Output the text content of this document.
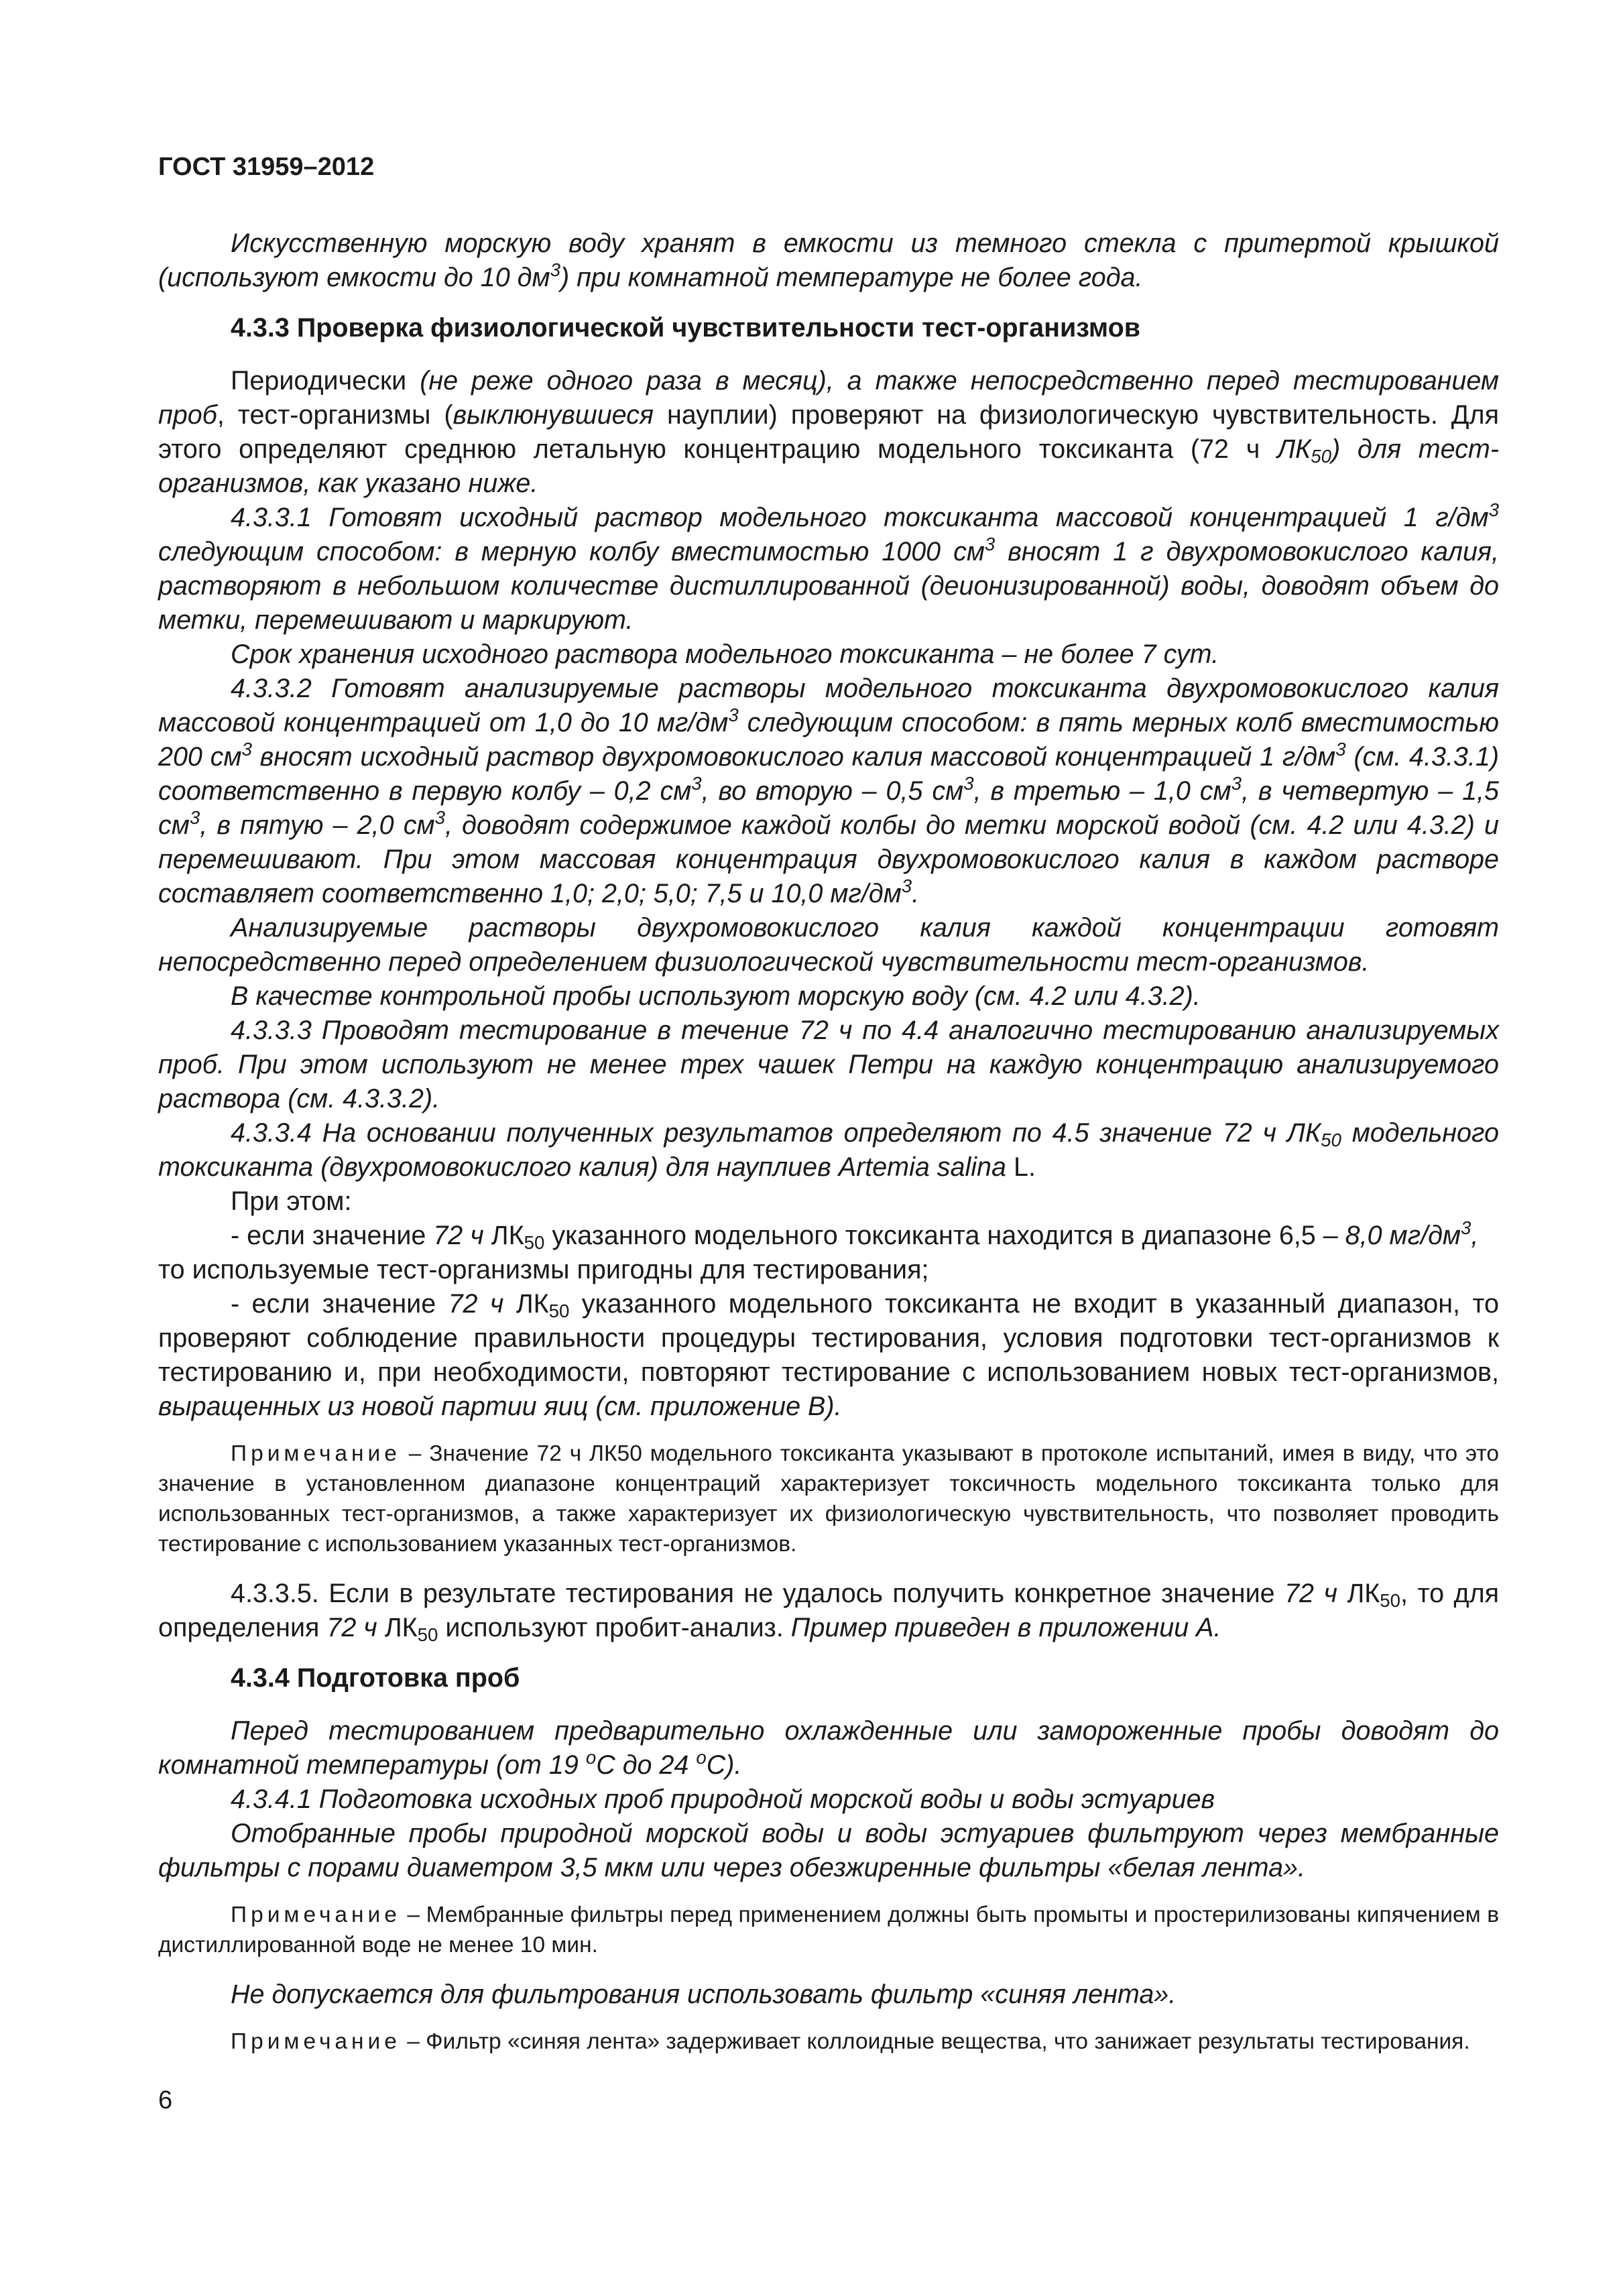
ГОСТ 31959–2012

Искусственную морскую воду хранят в емкости из темного стекла с притертой крышкой (используют емкости до 10 $дм^3$) при комнатной температуре не более года.

4.3.3 Проверка физиологической чувствительности тест-организмов

Периодически (не реже одного раза в месяц), а также непосредственно перед тестированием проб, тест-организмы (выклюнувшиеся науплии) проверяют на физиологическую чувствительность. Для этого определяют среднюю летальную концентрацию модельного токсиканта (72 ч $ЛК_{50}$) для тест-организмов, как указано ниже.

4.3.3.1 Готовят исходный раствор модельного токсиканта массовой концентрацией 1 $г/дм^3$ следующим способом: в мерную колбу вместимостью 1000 $см^3$ вносят 1 г двухромовокислого калия, растворяют в небольшом количестве дистиллированной (деионизированной) воды, доводят объем до метки, перемешивают и маркируют.

Срок хранения исходного раствора модельного токсиканта – не более 7 сут.

4.3.3.2 Готовят анализируемые растворы модельного токсиканта двухромовокислого калия массовой концентрацией от 1,0 до 10 $мг/дм^3$ следующим способом: в пять мерных колб вместимостью 200 $см^3$ вносят исходный раствор двухромовокислого калия массовой концентрацией 1 $г/дм^3$ (см. 4.3.3.1) соответственно в первую колбу – 0,2 $см^3$, во вторую – 0,5 $см^3$, в третью – 1,0 $см^3$, в четвертую – 1,5 $см^3$, в пятую – 2,0 $см^3$, доводят содержимое каждой колбы до метки морской водой (см. 4.2 или 4.3.2) и перемешивают. При этом массовая концентрация двухромовокислого калия в каждом растворе составляет соответственно 1,0; 2,0; 5,0; 7,5 и 10,0 $мг/дм^3$.

Анализируемые растворы двухромовокислого калия каждой концентрации готовят непосредственно перед определением физиологической чувствительности тест-организмов.

В качестве контрольной пробы используют морскую воду (см. 4.2 или 4.3.2).

4.3.3.3 Проводят тестирование в течение 72 ч по 4.4 аналогично тестированию анализируемых проб. При этом используют не менее трех чашек Петри на каждую концентрацию анализируемого раствора (см. 4.3.3.2).

4.3.3.4 На основании полученных результатов определяют по 4.5 значение 72 ч $ЛК_{50}$ модельного токсиканта (двухромовокислого калия) для науплиев Artemia salina L.

При этом:

- если значение 72 ч $ЛК_{50}$ указанного модельного токсиканта находится в диапазоне 6,5 – 8,0 $мг/дм^3$,
то используемые тест-организмы пригодны для тестирования;

- если значение 72 ч $ЛК_{50}$ указанного модельного токсиканта не входит в указанный диапазон, то проверяют соблюдение правильности процедуры тестирования, условия подготовки тест-организмов к тестированию и, при необходимости, повторяют тестирование с использованием новых тест-организмов, выращенных из новой партии яиц (см. приложение В).

Примечание – Значение 72 ч ЛК50 модельного токсиканта указывают в протоколе испытаний, имея в виду, что это значение в установленном диапазоне концентраций характеризует токсичность модельного токсиканта только для использованных тест-организмов, а также характеризует их физиологическую чувствительность, что позволяет проводить тестирование с использованием указанных тест-организмов.

4.3.3.5. Если в результате тестирования не удалось получить конкретное значение 72 ч $ЛК_{50}$, то для определения 72 ч $ЛК_{50}$ используют пробит-анализ. Пример приведен в приложении А.

4.3.4 Подготовка проб

Перед тестированием предварительно охлажденные или замороженные пробы доводят до комнатной температуры (от 19 $^о$С до 24 $^о$С).

4.3.4.1 Подготовка исходных проб природной морской воды и воды эстуариев

Отобранные пробы природной морской воды и воды эстуариев фильтруют через мембранные фильтры с порами диаметром 3,5 мкм или через обезжиренные фильтры «белая лента».

Примечание – Мембранные фильтры перед применением должны быть промыты и простерилизованы кипячением в дистиллированной воде не менее 10 мин.

Не допускается для фильтрования использовать фильтр «синяя лента».

Примечание – Фильтр «синяя лента» задерживает коллоидные вещества, что занижает результаты тестирования.

6
